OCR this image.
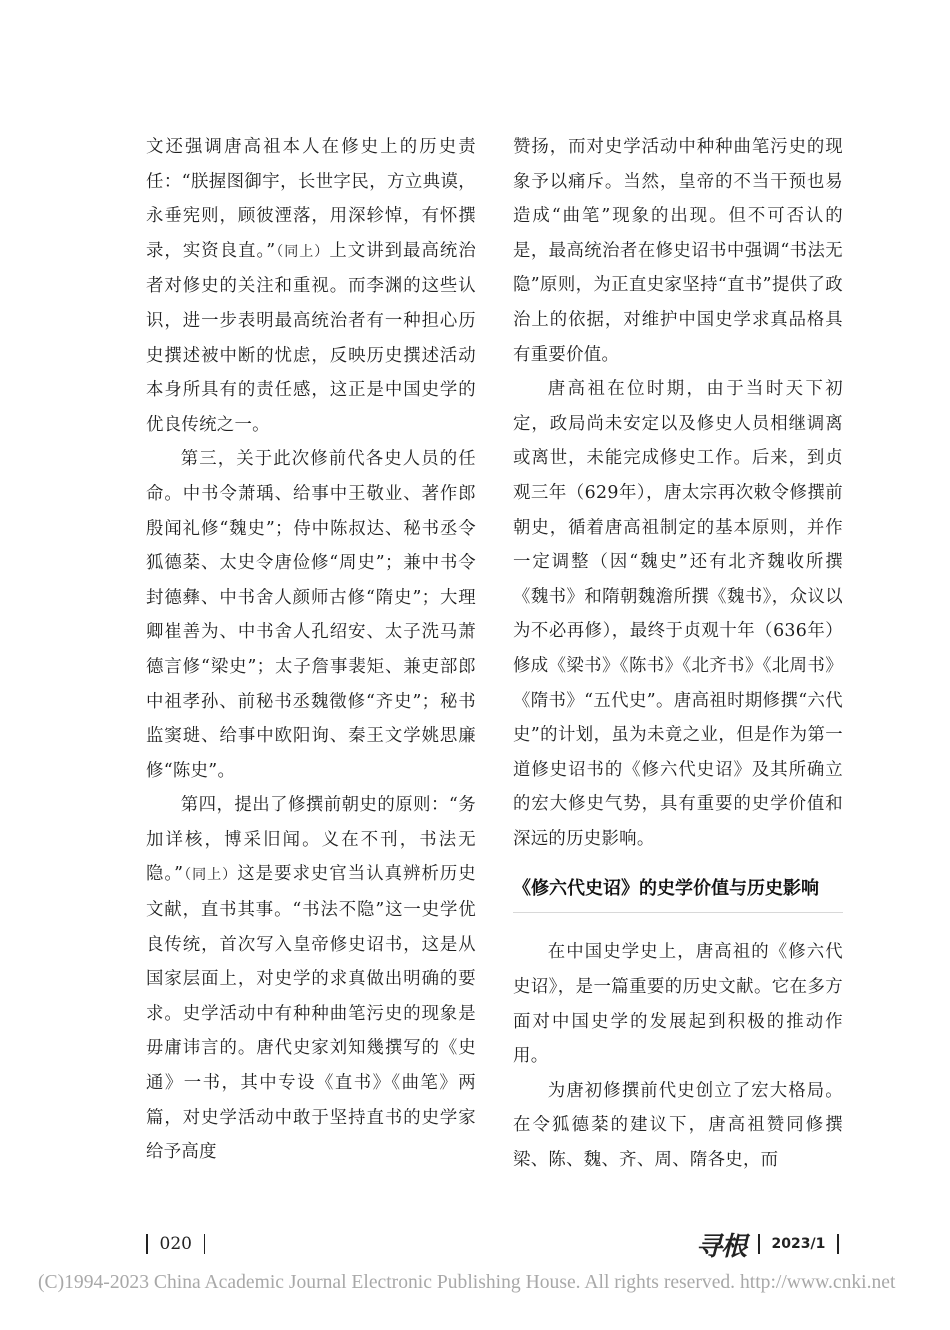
文还强调唐高祖本人在修史上的历史责任：“朕握图御宇，长世字民，方立典谟，永垂宪则，顾彼湮落，用深轸悼，有怀撰录，实资良直。”（同上）上文讲到最高统治者对修史的关注和重视。而李渊的这些认识，进一步表明最高统治者有一种担心历史撰述被中断的忧虑，反映历史撰述活动本身所具有的责任感，这正是中国史学的优良传统之一。

第三，关于此次修前代各史人员的任命。中书令萧瑀、给事中王敬业、著作郎殷闻礼修“魏史”；侍中陈叔达、秘书丞令狐德棻、太史令唐俭修“周史”；兼中书令封德彝、中书舍人颜师古修“隋史”；大理卿崔善为、中书舍人孔绍安、太子洗马萧德言修“梁史”；太子詹事裴矩、兼吏部郎中祖孝孙、前秘书丞魏徵修“齐史”；秘书监窦琎、给事中欧阳询、秦王文学姚思廉修“陈史”。

第四，提出了修撰前朝史的原则：“务加详核，博采旧闻。义在不刊，书法无隐。”（同上）这是要求史官当认真辨析历史文献，直书其事。“书法不隐”这一史学优良传统，首次写入皇帝修史诏书，这是从国家层面上，对史学的求真做出明确的要求。史学活动中有种种曲笔污史的现象是毋庸讳言的。唐代史家刘知幾撰写的《史通》一书，其中专设《直书》《曲笔》两篇，对史学活动中敢于坚持直书的史学家给予高度

赞扬，而对史学活动中种种曲笔污史的现象予以痛斥。当然，皇帝的不当干预也易造成“曲笔”现象的出现。但不可否认的是，最高统治者在修史诏书中强调“书法无隐”原则，为正直史家坚持“直书”提供了政治上的依据，对维护中国史学求真品格具有重要价值。

唐高祖在位时期，由于当时天下初定，政局尚未安定以及修史人员相继调离或离世，未能完成修史工作。后来，到贞观三年（629年），唐太宗再次敕令修撰前朝史，循着唐高祖制定的基本原则，并作一定调整（因“魏史”还有北齐魏收所撰《魏书》和隋朝魏澹所撰《魏书》，众议以为不必再修），最终于贞观十年（636年）修成《梁书》《陈书》《北齐书》《北周书》《隋书》“五代史”。唐高祖时期修撰“六代史”的计划，虽为未竟之业，但是作为第一道修史诏书的《修六代史诏》及其所确立的宏大修史气势，具有重要的史学价值和深远的历史影响。

《修六代史诏》的史学价值与历史影响

在中国史学史上，唐高祖的《修六代史诏》，是一篇重要的历史文献。它在多方面对中国史学的发展起到积极的推动作用。

为唐初修撰前代史创立了宏大格局。在令狐德棻的建议下，唐高祖赞同修撰梁、陈、魏、齐、周、隋各史，而

020	寻根 2023/1
(C)1994-2023 China Academic Journal Electronic Publishing House. All rights reserved. http://www.cnki.net
